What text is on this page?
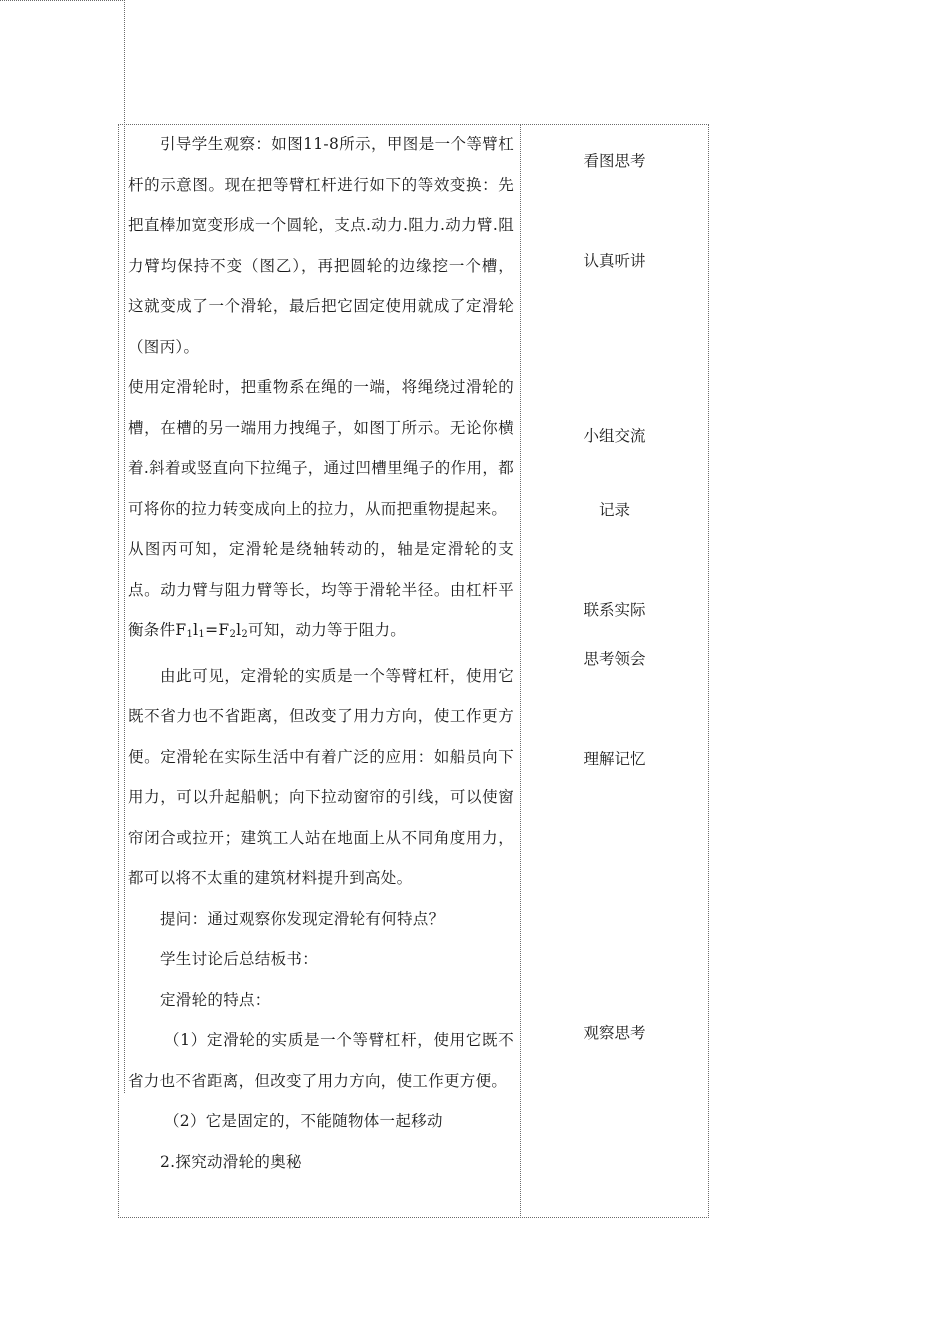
引导学生观察：如图11-8所示，甲图是一个等臂杠杆的示意图。现在把等臂杠杆进行如下的等效变换：先把直棒加宽变形成一个圆轮，支点.动力.阻力.动力臂.阻力臂均保持不变（图乙），再把圆轮的边缘挖一个槽，这就变成了一个滑轮，最后把它固定使用就成了定滑轮（图丙）。

使用定滑轮时，把重物系在绳的一端，将绳绕过滑轮的槽，在槽的另一端用力拽绳子，如图丁所示。无论你横着.斜着或竖直向下拉绳子，通过凹槽里绳子的作用，都可将你的拉力转变成向上的拉力，从而把重物提起来。

从图丙可知，定滑轮是绕轴转动的，轴是定滑轮的支点。动力臂与阻力臂等长，均等于滑轮半径。由杠杆平衡条件$F_1l_1=F_2l_2$可知，动力等于阻力。

由此可见，定滑轮的实质是一个等臂杠杆，使用它既不省力也不省距离，但改变了用力方向，使工作更方便。定滑轮在实际生活中有着广泛的应用：如船员向下用力，可以升起船帆；向下拉动窗帘的引线，可以使窗帘闭合或拉开；建筑工人站在地面上从不同角度用力，都可以将不太重的建筑材料提升到高处。

提问：通过观察你发现定滑轮有何特点？

学生讨论后总结板书：

定滑轮的特点：

（1）定滑轮的实质是一个等臂杠杆，使用它既不省力也不省距离，但改变了用力方向，使工作更方便。

（2）它是固定的，不能随物体一起移动

2.探究动滑轮的奥秘

看图思考
认真听讲
小组交流
记录
联系实际
思考领会
理解记忆
观察思考
